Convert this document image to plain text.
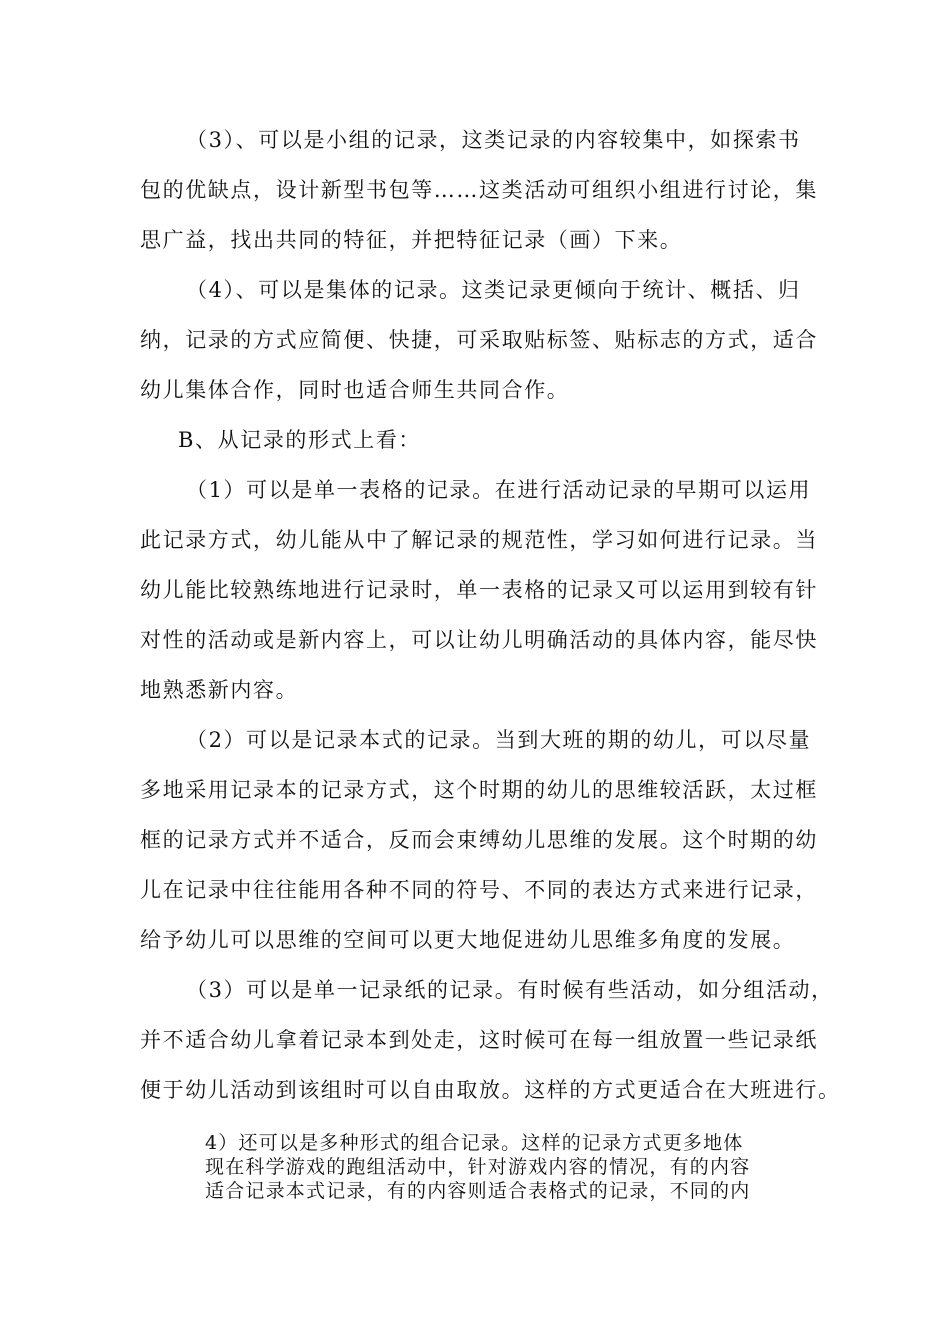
（3）、可以是小组的记录，这类记录的内容较集中，如探索书
包的优缺点，设计新型书包等……这类活动可组织小组进行讨论，集
思广益，找出共同的特征，并把特征记录（画）下来。
（4）、可以是集体的记录。这类记录更倾向于统计、概括、归
纳，记录的方式应简便、快捷，可采取贴标签、贴标志的方式，适合
幼儿集体合作，同时也适合师生共同合作。
B、从记录的形式上看：
（1）可以是单一表格的记录。在进行活动记录的早期可以运用
此记录方式，幼儿能从中了解记录的规范性，学习如何进行记录。当
幼儿能比较熟练地进行记录时，单一表格的记录又可以运用到较有针
对性的活动或是新内容上，可以让幼儿明确活动的具体内容，能尽快
地熟悉新内容。
（2）可以是记录本式的记录。当到大班的期的幼儿，可以尽量
多地采用记录本的记录方式，这个时期的幼儿的思维较活跃，太过框
框的记录方式并不适合，反而会束缚幼儿思维的发展。这个时期的幼
儿在记录中往往能用各种不同的符号、不同的表达方式来进行记录，
给予幼儿可以思维的空间可以更大地促进幼儿思维多角度的发展。
（3）可以是单一记录纸的记录。有时候有些活动，如分组活动，
并不适合幼儿拿着记录本到处走，这时候可在每一组放置一些记录纸
便于幼儿活动到该组时可以自由取放。这样的方式更适合在大班进行。
4）还可以是多种形式的组合记录。这样的记录方式更多地体
现在科学游戏的跑组活动中，针对游戏内容的情况，有的内容
适合记录本式记录，有的内容则适合表格式的记录，不同的内
